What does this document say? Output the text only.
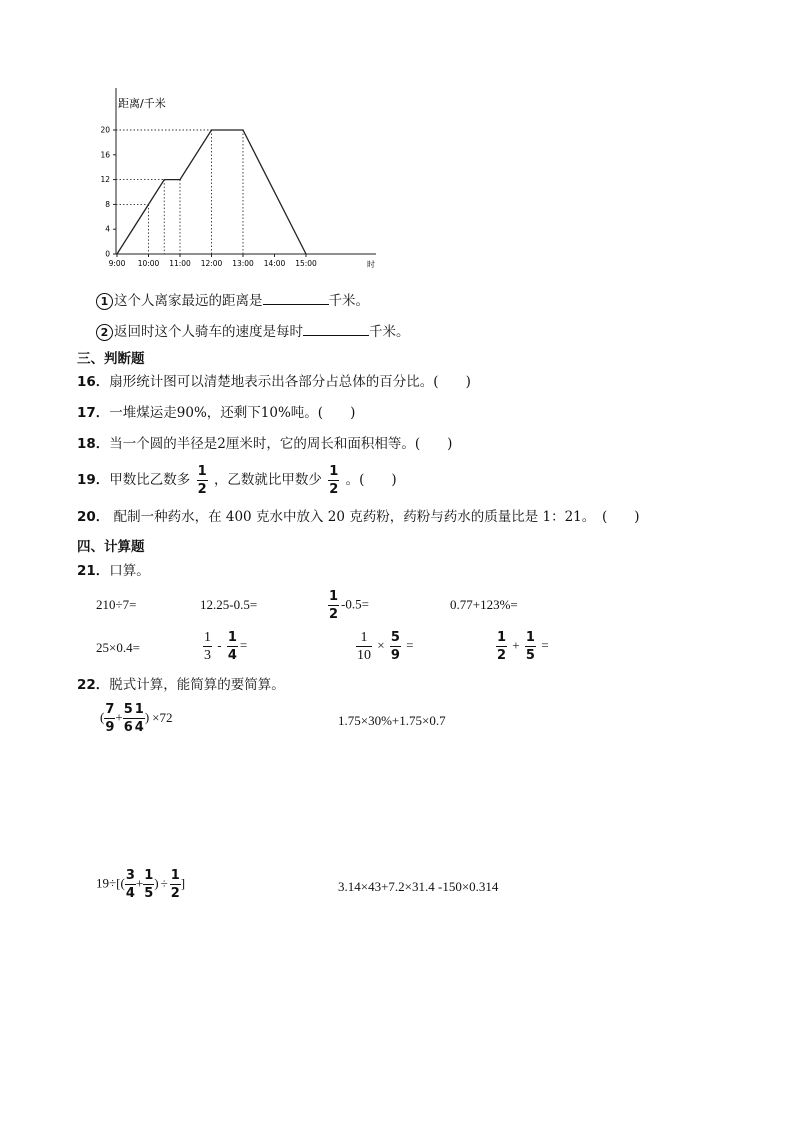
0
4
8
12
16
20
9:00 10:00 11:00 12:00 13:00 14:00 15:00
距离/千米
时
1 这个人离家最远的距离是	千米。
2 返回时这个人骑车的速度是每时	千米。
三、判断题
16．扇形统计图可以清楚地表示出各部分占总体的百分比。(　　)
17．一堆煤运走90%，还剩下10%吨。(　　)
18．当一个圆的半径是2厘米时，它的周长和面积相等。(　　)
19．甲数比乙数多 $\frac{1}{2}$ ，乙数就比甲数少 $\frac{1}{2}$ 。(　　)
20． 配制一种药水，在 400 克水中放入 20 克药粉，药粉与药水的质量比是 1：21。　(　　)
四、计算题
21．口算。
210÷7=	12.25-0.5=	$\frac{1}{2} -0.5=$	0.77+123%=
25×0.4=	$\frac{1}{3} - \frac{1}{4}$ =	$\frac{1}{10} \times \frac{5}{9}$ =	$\frac{1}{2} + \frac{1}{5}$ =
22．脱式计算，能简算的要简算。
( $\frac{7}{9} + \frac{5}{6} \frac{1}{4}$ ) ×72	1.75×30%+1.75×0.7
$19\div[( \frac{3}{4} + \frac{1}{5}$ ) ÷ $\frac{1}{2}$ ]	3.14×43+7.2×31.4 -150×0.314
